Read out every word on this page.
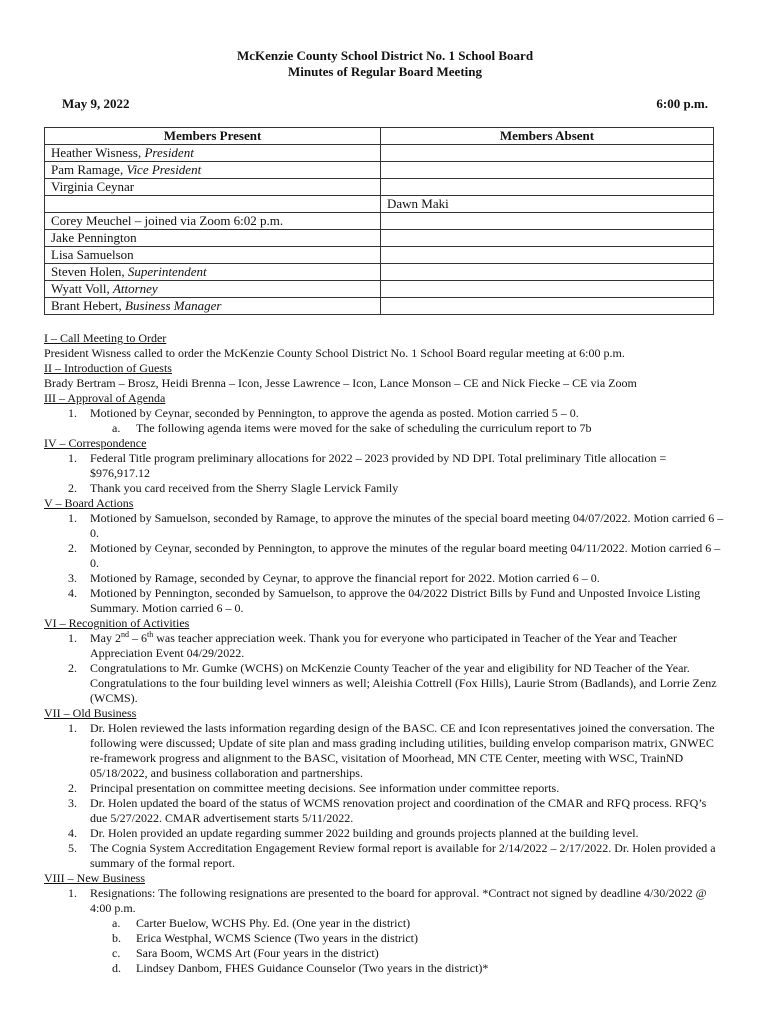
McKenzie County School District No. 1 School Board
Minutes of Regular Board Meeting
May 9, 2022	6:00 p.m.
Members Present	Members Absent
Heather Wisness, President	
Pam Ramage, Vice President	
Virginia Ceynar	
	Dawn Maki
Corey Meuchel – joined via Zoom 6:02 p.m.	
Jake Pennington	
Lisa Samuelson	
Steven Holen, Superintendent	
Wyatt Voll, Attorney	
Brant Hebert, Business Manager	

I – Call Meeting to Order

President Wisness called to order the McKenzie County School District No. 1 School Board regular meeting at 6:00 p.m.

II – Introduction of Guests

Brady Bertram – Brosz, Heidi Brenna – Icon, Jesse Lawrence – Icon, Lance Monson – CE and Nick Fiecke – CE via Zoom

III – Approval of Agenda

1. Motioned by Ceynar, seconded by Pennington, to approve the agenda as posted. Motion carried 5 – 0.
a. The following agenda items were moved for the sake of scheduling the curriculum report to 7b

IV – Correspondence

1. Federal Title program preliminary allocations for 2022 – 2023 provided by ND DPI. Total preliminary Title allocation = $976,917.12
2. Thank you card received from the Sherry Slagle Lervick Family

V – Board Actions

1. Motioned by Samuelson, seconded by Ramage, to approve the minutes of the special board meeting 04/07/2022. Motion carried 6 – 0.
2. Motioned by Ceynar, seconded by Pennington, to approve the minutes of the regular board meeting 04/11/2022. Motion carried 6 – 0.
3. Motioned by Ramage, seconded by Ceynar, to approve the financial report for 2022. Motion carried 6 – 0.
4. Motioned by Pennington, seconded by Samuelson, to approve the 04/2022 District Bills by Fund and Unposted Invoice Listing Summary. Motion carried 6 – 0.

VI – Recognition of Activities

1. May 2nd – 6th was teacher appreciation week. Thank you for everyone who participated in Teacher of the Year and Teacher Appreciation Event 04/29/2022.
2. Congratulations to Mr. Gumke (WCHS) on McKenzie County Teacher of the year and eligibility for ND Teacher of the Year. Congratulations to the four building level winners as well; Aleishia Cottrell (Fox Hills), Laurie Strom (Badlands), and Lorrie Zenz (WCMS).

VII – Old Business

1. Dr. Holen reviewed the lasts information regarding design of the BASC. CE and Icon representatives joined the conversation. The following were discussed; Update of site plan and mass grading including utilities, building envelop comparison matrix, GNWEC re-framework progress and alignment to the BASC, visitation of Moorhead, MN CTE Center, meeting with WSC, TrainND 05/18/2022, and business collaboration and partnerships.
2. Principal presentation on committee meeting decisions. See information under committee reports.
3. Dr. Holen updated the board of the status of WCMS renovation project and coordination of the CMAR and RFQ process. RFQ’s due 5/27/2022. CMAR advertisement starts 5/11/2022.
4. Dr. Holen provided an update regarding summer 2022 building and grounds projects planned at the building level.
5. The Cognia System Accreditation Engagement Review formal report is available for 2/14/2022 – 2/17/2022. Dr. Holen provided a summary of the formal report.

VIII – New Business

1. Resignations: The following resignations are presented to the board for approval. *Contract not signed by deadline 4/30/2022 @ 4:00 p.m.
a. Carter Buelow, WCHS Phy. Ed. (One year in the district)
b. Erica Westphal, WCMS Science (Two years in the district)
c. Sara Boom, WCMS Art (Four years in the district)
d. Lindsey Danbom, FHES Guidance Counselor (Two years in the district)*
